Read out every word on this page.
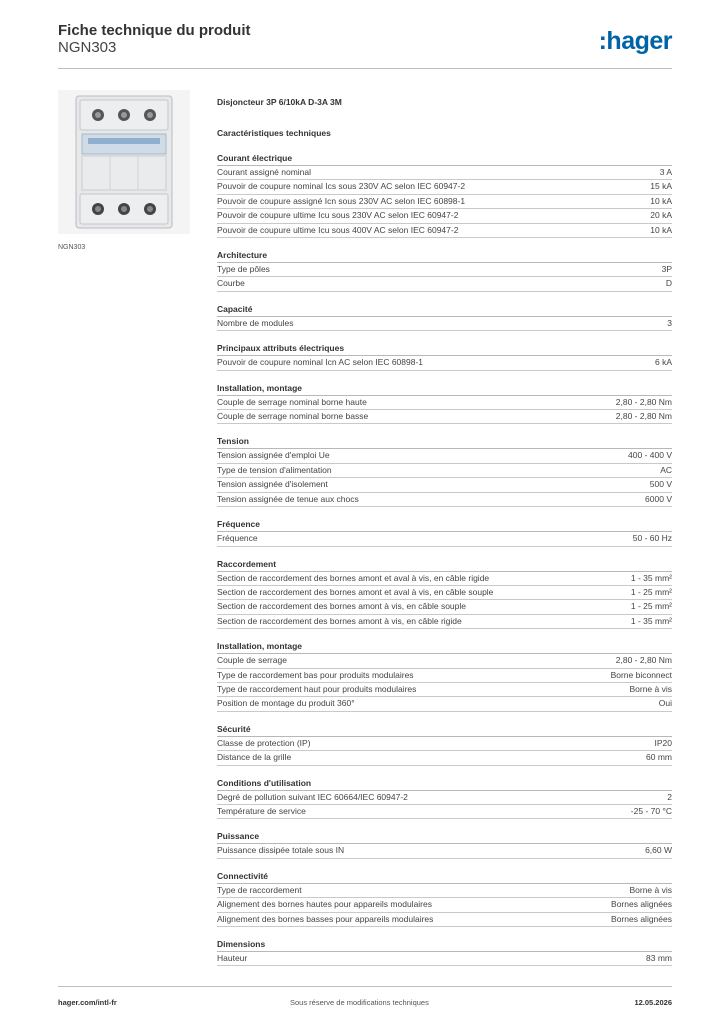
Fiche technique du produit
NGN303	:hager
NGN303
Disjoncteur 3P 6/10kA D-3A 3M
Caractéristiques techniques
Courant électrique
Courant assigné nominal	3 A
Pouvoir de coupure nominal Ics sous 230V AC selon IEC 60947-2	15 kA
Pouvoir de coupure assigné Icn sous 230V AC selon IEC 60898-1	10 kA
Pouvoir de coupure ultime Icu sous 230V AC selon IEC 60947-2	20 kA
Pouvoir de coupure ultime Icu sous 400V AC selon IEC 60947-2	10 kA
Architecture
Type de pôles	3P
Courbe	D
Capacité
Nombre de modules	3
Principaux attributs électriques
Pouvoir de coupure nominal Icn AC selon IEC 60898-1	6 kA
Installation, montage
Couple de serrage nominal borne haute	2,80 - 2,80 Nm
Couple de serrage nominal borne basse	2,80 - 2,80 Nm
Tension
Tension assignée d'emploi Ue	400 - 400 V
Type de tension d'alimentation	AC
Tension assignée d'isolement	500 V
Tension assignée de tenue aux chocs	6000 V
Fréquence
Fréquence	50 - 60 Hz
Raccordement
Section de raccordement des bornes amont et aval à vis, en câble rigide	1 - 35 mm²
Section de raccordement des bornes amont et aval à vis, en câble souple	1 - 25 mm²
Section de raccordement des bornes amont à vis, en câble souple	1 - 25 mm²
Section de raccordement des bornes amont à vis, en câble rigide	1 - 35 mm²
Installation, montage
Couple de serrage	2,80 - 2,80 Nm
Type de raccordement bas pour produits modulaires	Borne biconnect
Type de raccordement haut pour produits modulaires	Borne à vis
Position de montage du produit 360°	Oui
Sécurité
Classe de protection (IP)	IP20
Distance de la grille	60 mm
Conditions d'utilisation
Degré de pollution suivant IEC 60664/IEC 60947-2	2
Température de service	-25 - 70 °C
Puissance
Puissance dissipée totale sous IN	6,60 W
Connectivité
Type de raccordement	Borne à vis
Alignement des bornes hautes pour appareils modulaires	Bornes alignées
Alignement des bornes basses pour appareils modulaires	Bornes alignées
Dimensions
Hauteur	83 mm
hager.com/intl-fr	Sous réserve de modifications techniques	12.05.2026
